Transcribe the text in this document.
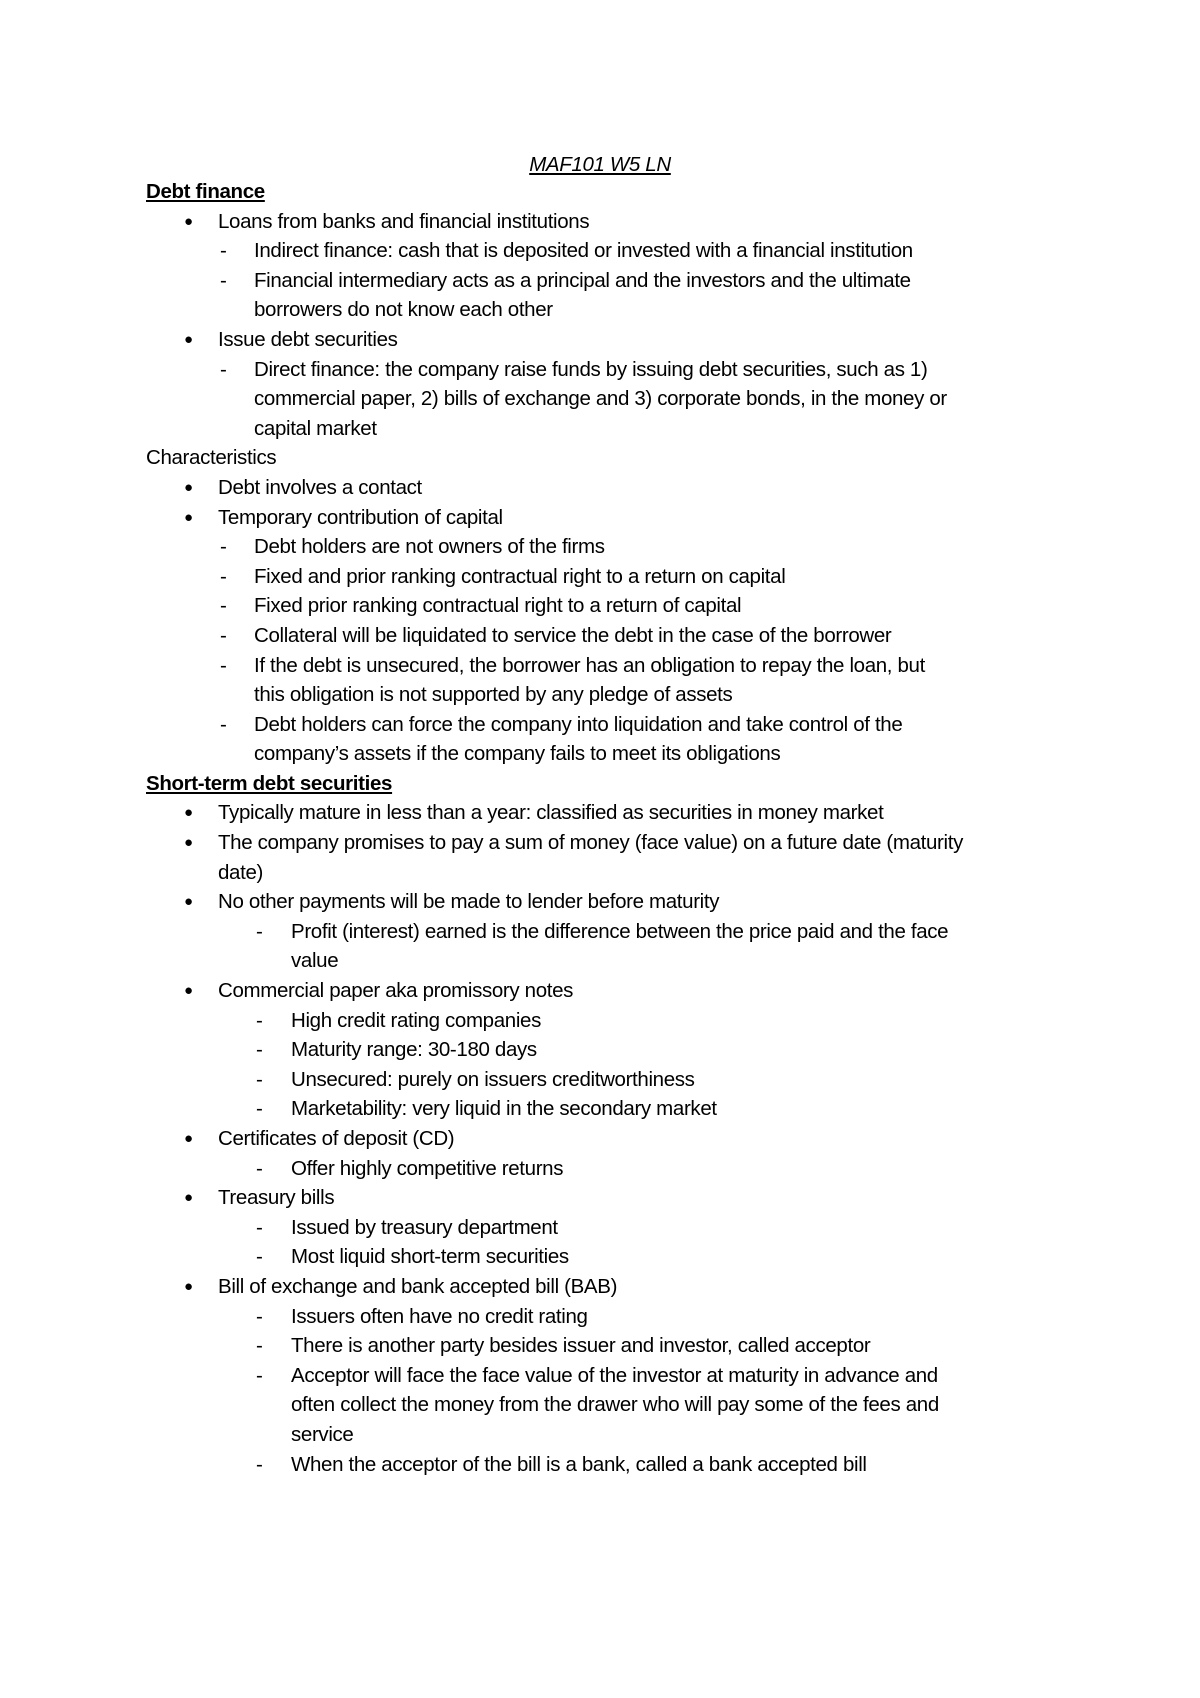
MAF101 W5 LN
Debt finance
● Loans from banks and financial institutions
- Indirect finance: cash that is deposited or invested with a financial institution
- Financial intermediary acts as a principal and the investors and the ultimate
borrowers do not know each other
● Issue debt securities
- Direct finance: the company raise funds by issuing debt securities, such as 1)
commercial paper, 2) bills of exchange and 3) corporate bonds, in the money or
capital market
Characteristics
● Debt involves a contact
● Temporary contribution of capital
- Debt holders are not owners of the firms
- Fixed and prior ranking contractual right to a return on capital
- Fixed prior ranking contractual right to a return of capital
- Collateral will be liquidated to service the debt in the case of the borrower
- If the debt is unsecured, the borrower has an obligation to repay the loan, but
this obligation is not supported by any pledge of assets
- Debt holders can force the company into liquidation and take control of the
company’s assets if the company fails to meet its obligations
Short-term debt securities
● Typically mature in less than a year: classified as securities in money market
● The company promises to pay a sum of money (face value) on a future date (maturity
date)
● No other payments will be made to lender before maturity
- Profit (interest) earned is the difference between the price paid and the face
value
● Commercial paper aka promissory notes
- High credit rating companies
- Maturity range: 30-180 days
- Unsecured: purely on issuers creditworthiness
- Marketability: very liquid in the secondary market
● Certificates of deposit (CD)
- Offer highly competitive returns
● Treasury bills
- Issued by treasury department
- Most liquid short-term securities
● Bill of exchange and bank accepted bill (BAB)
- Issuers often have no credit rating
- There is another party besides issuer and investor, called acceptor
- Acceptor will face the face value of the investor at maturity in advance and
often collect the money from the drawer who will pay some of the fees and
service
- When the acceptor of the bill is a bank, called a bank accepted bill
